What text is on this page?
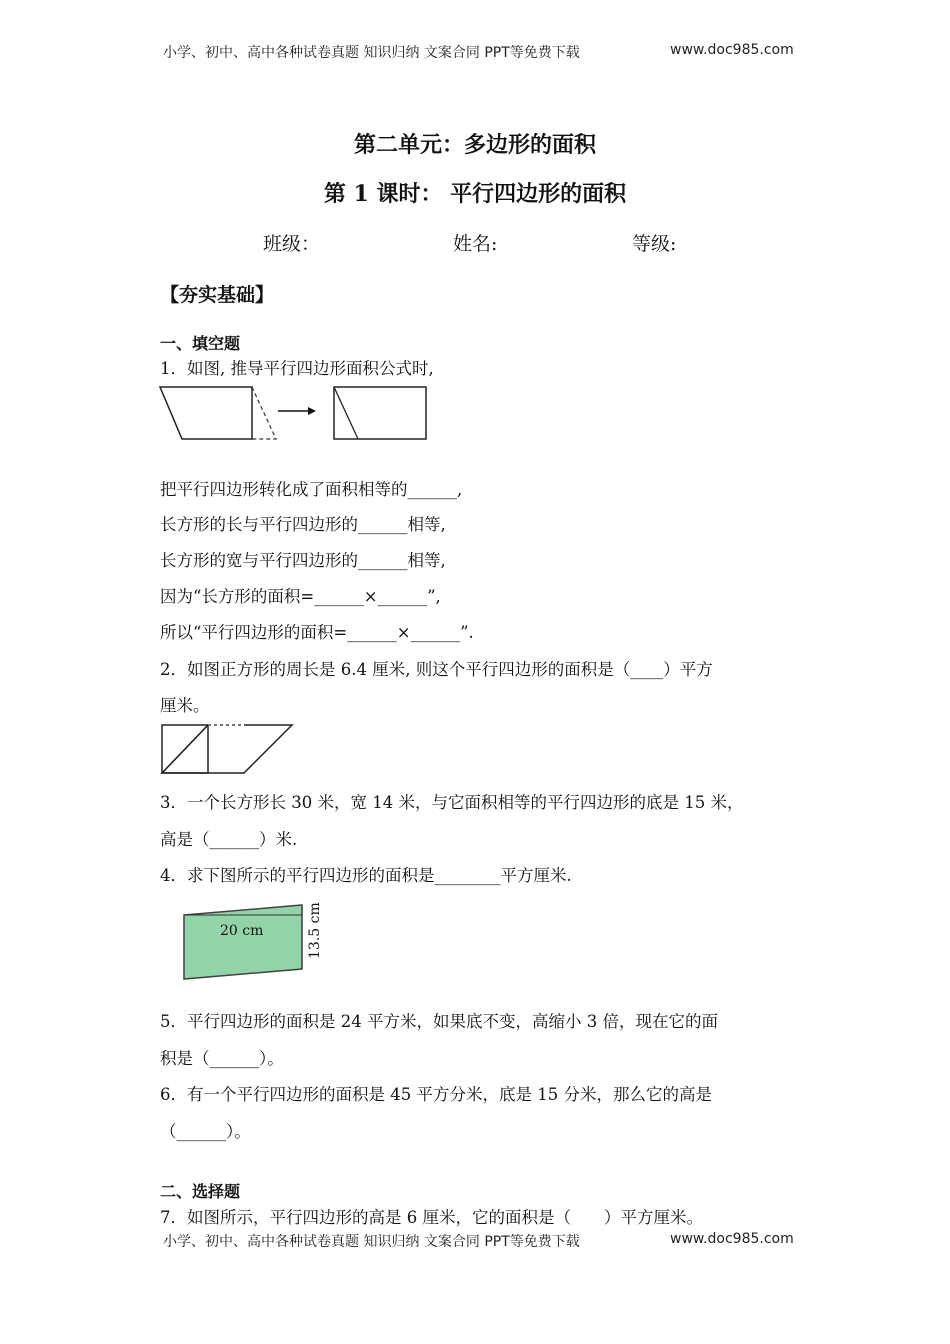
小学、初中、高中各种试卷真题 知识归纳 文案合同 PPT等免费下载	www.doc985.com
第二单元：多边形的面积
第 1 课时： 平行四边形的面积
班级：	姓名:	等级:
【夯实基础】
一、填空题
1．如图, 推导平行四边形面积公式时,
把平行四边形转化成了面积相等的______,
长方形的长与平行四边形的______相等,
长方形的宽与平行四边形的______相等,
因为“长方形的面积=______×______”,
所以“平行四边形的面积=______×______”.
2．如图正方形的周长是 6.4 厘米, 则这个平行四边形的面积是（____）平方
厘米。
3．一个长方形长 30 米，宽 14 米，与它面积相等的平行四边形的底是 15 米，
高是（______）米.
4．求下图所示的平行四边形的面积是________平方厘米.
20 cm	13.5 cm
5．平行四边形的面积是 24 平方米，如果底不变，高缩小 3 倍，现在它的面
积是（______）。
6．有一个平行四边形的面积是 45 平方分米，底是 15 分米，那么它的高是
（______）。
二、选择题
7．如图所示，平行四边形的高是 6 厘米，它的面积是（　　）平方厘米。
小学、初中、高中各种试卷真题 知识归纳 文案合同 PPT等免费下载	www.doc985.com
